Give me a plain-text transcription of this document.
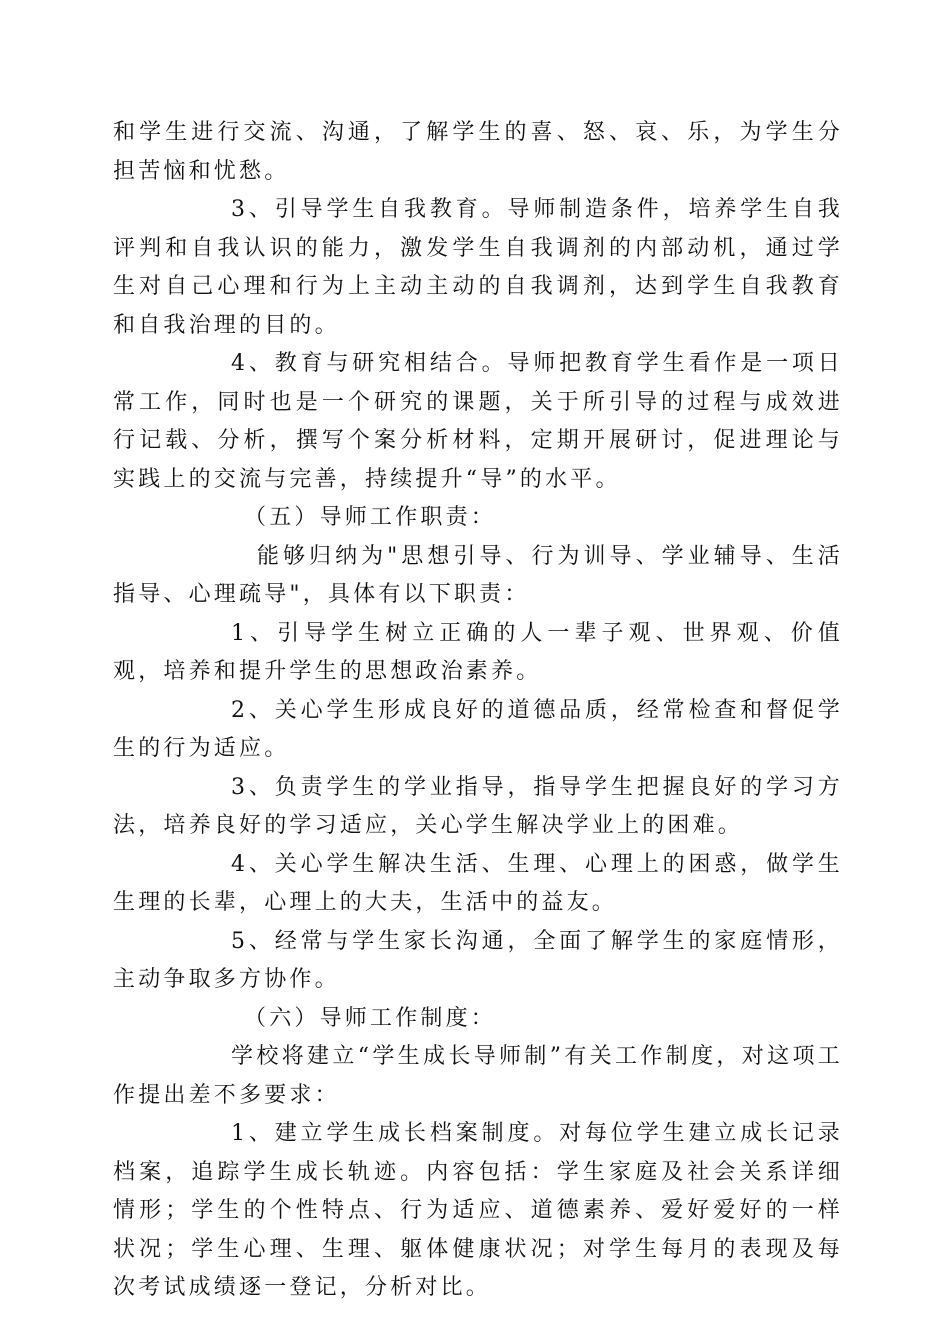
和学生进行交流、沟通，了解学生的喜、怒、哀、乐，为学生分担苦恼和忧愁。

3、引导学生自我教育。导师制造条件，培养学生自我评判和自我认识的能力，激发学生自我调剂的内部动机，通过学生对自己心理和行为上主动主动的自我调剂，达到学生自我教育和自我治理的目的。

4、教育与研究相结合。导师把教育学生看作是一项日常工作，同时也是一个研究的课题，关于所引导的过程与成效进行记载、分析，撰写个案分析材料，定期开展研讨，促进理论与实践上的交流与完善，持续提升“导”的水平。

（五）导师工作职责：

能够归纳为"思想引导、行为训导、学业辅导、生活指导、心理疏导"，具体有以下职责：

1、引导学生树立正确的人一辈子观、世界观、价值观，培养和提升学生的思想政治素养。

2、关心学生形成良好的道德品质，经常检查和督促学生的行为适应。

3、负责学生的学业指导，指导学生把握良好的学习方法，培养良好的学习适应，关心学生解决学业上的困难。

4、关心学生解决生活、生理、心理上的困惑，做学生生理的长辈，心理上的大夫，生活中的益友。

5、经常与学生家长沟通，全面了解学生的家庭情形，主动争取多方协作。

（六）导师工作制度：

学校将建立“学生成长导师制”有关工作制度，对这项工作提出差不多要求：

1、建立学生成长档案制度。对每位学生建立成长记录档案，追踪学生成长轨迹。内容包括：学生家庭及社会关系详细情形；学生的个性特点、行为适应、道德素养、爱好爱好的一样状况；学生心理、生理、躯体健康状况；对学生每月的表现及每次考试成绩逐一登记，分析对比。
